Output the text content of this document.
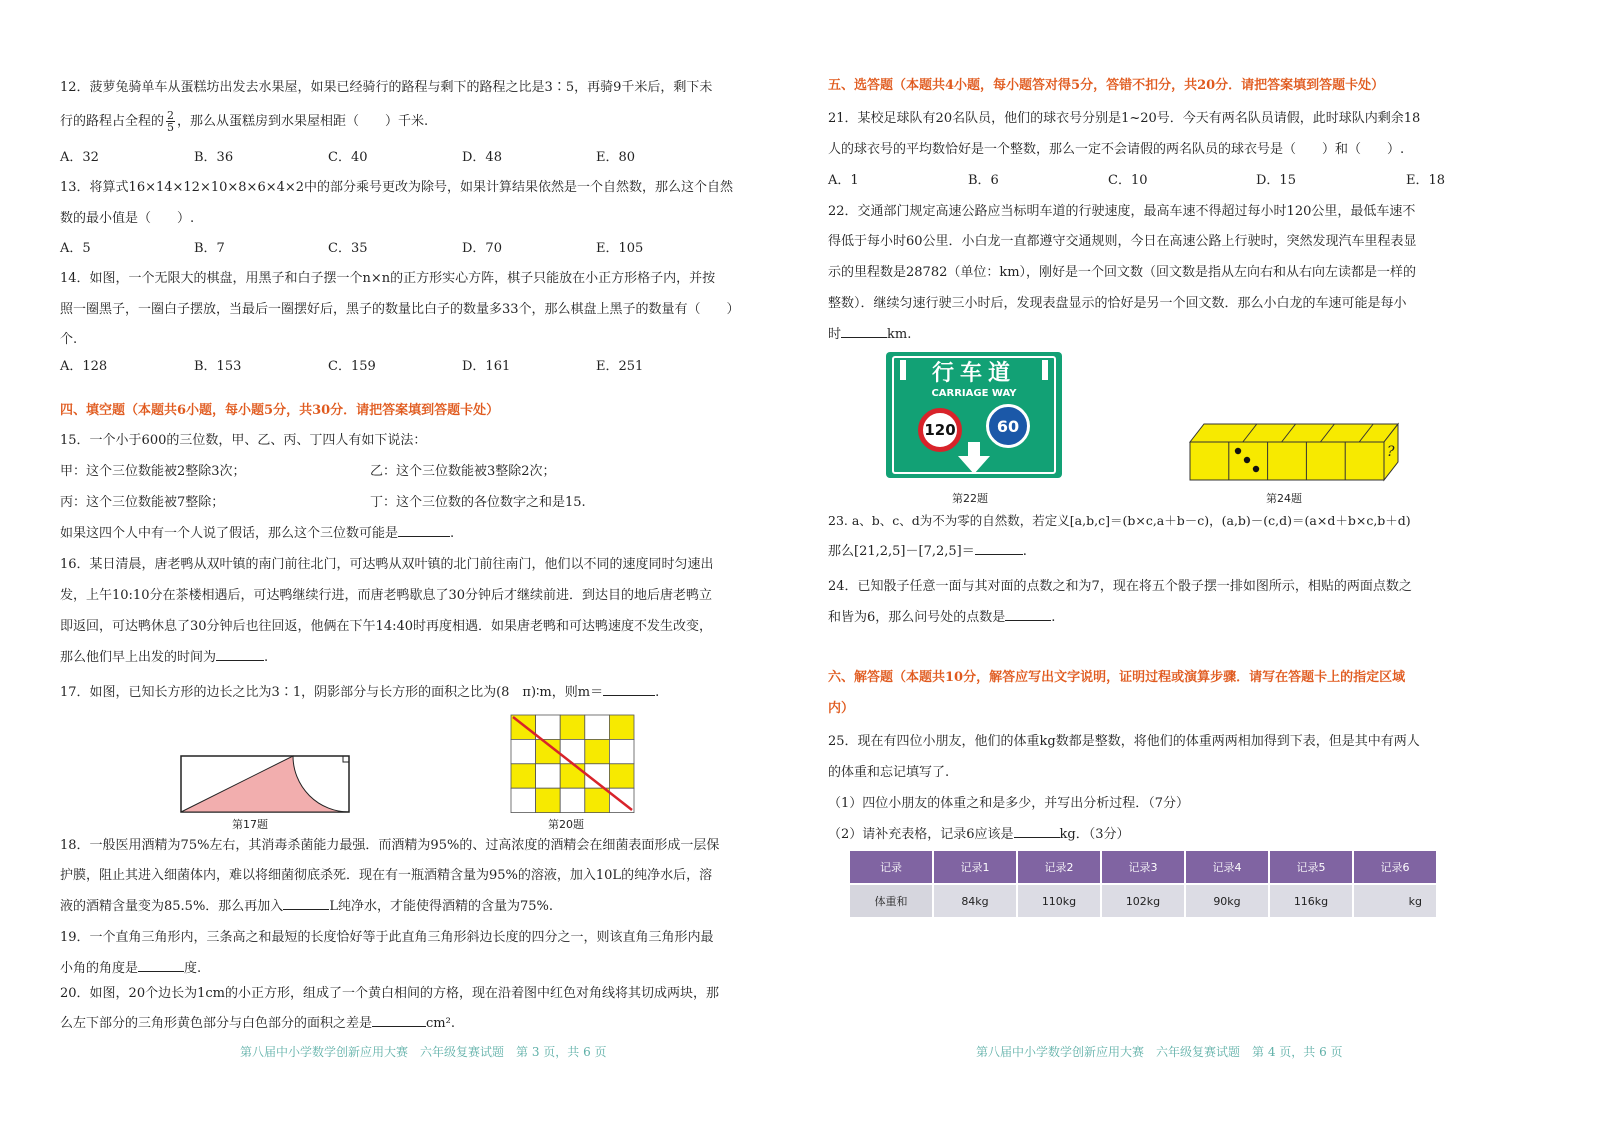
12．菠萝兔骑单车从蛋糕坊出发去水果屋，如果已经骑行的路程与剩下的路程之比是3∶5，再骑9千米后，剩下未
行的路程占全程的 $\frac{2}{5}$ ，那么从蛋糕房到水果屋相距（　　）千米.
A．32	B．36	C．40	D．48	E．80
13．将算式16×14×12×10×8×6×4×2中的部分乘号更改为除号，如果计算结果依然是一个自然数，那么这个自然
数的最小值是（　　）.
A．5	B．7	C．35	D．70	E．105
14．如图，一个无限大的棋盘，用黑子和白子摆一个n×n的正方形实心方阵，棋子只能放在小正方形格子内，并按
照一圈黑子，一圈白子摆放，当最后一圈摆好后，黑子的数量比白子的数量多33个，那么棋盘上黑子的数量有（　　）
个.
A．128	B．153	C．159	D．161	E．251
四、填空题（本题共6小题，每小题5分，共30分．请把答案填到答题卡处）
15．一个小于600的三位数，甲、乙、丙、丁四人有如下说法：
甲：这个三位数能被2整除3次；	乙：这个三位数能被3整除2次；
丙：这个三位数能被7整除；	丁：这个三位数的各位数字之和是15.
如果这四个人中有一个人说了假话，那么这个三位数可能是	.
16．某日清晨，唐老鸭从双叶镇的南门前往北门，可达鸭从双叶镇的北门前往南门，他们以不同的速度同时匀速出
发，上午10:10分在茶楼相遇后，可达鸭继续行进，而唐老鸭歇息了30分钟后才继续前进．到达目的地后唐老鸭立
即返回，可达鸭休息了30分钟后也往回返，他俩在下午14:40时再度相遇．如果唐老鸭和可达鸭速度不发生改变，
那么他们早上出发的时间为	.
17．如图，已知长方形的边长之比为3∶1，阴影部分与长方形的面积之比为(8　π)∶m，则m＝	.
第17题	第20题
18．一般医用酒精为75%左右，其消毒杀菌能力最强．而酒精为95%的、过高浓度的酒精会在细菌表面形成一层保
护膜，阻止其进入细菌体内，难以将细菌彻底杀死．现在有一瓶酒精含量为95%的溶液，加入10L的纯净水后，溶
液的酒精含量变为85.5%．那么再加入	L纯净水，才能使得酒精的含量为75%.
19．一个直角三角形内，三条高之和最短的长度恰好等于此直角三角形斜边长度的四分之一，则该直角三角形内最
小角的角度是	度.
20．如图，20个边长为1cm的小正方形，组成了一个黄白相间的方格，现在沿着图中红色对角线将其切成两块，那
么左下部分的三角形黄色部分与白色部分的面积之差是	cm².
第八届中小学数学创新应用大赛　六年级复赛试题　第 3 页，共 6 页
五、选答题（本题共4小题，每小题答对得5分，答错不扣分，共20分．请把答案填到答题卡处）
21．某校足球队有20名队员，他们的球衣号分别是1~20号．今天有两名队员请假，此时球队内剩余18
人的球衣号的平均数恰好是一个整数，那么一定不会请假的两名队员的球衣号是（　　）和（　　）.
A．1	B．6	C．10	D．15	E．18
22．交通部门规定高速公路应当标明车道的行驶速度，最高车速不得超过每小时120公里，最低车速不
得低于每小时60公里．小白龙一直都遵守交通规则，今日在高速公路上行驶时，突然发现汽车里程表显
示的里程数是28782（单位：km），刚好是一个回文数（回文数是指从左向右和从右向左读都是一样的
整数）．继续匀速行驶三小时后，发现表盘显示的恰好是另一个回文数．那么小白龙的车速可能是每小
时	km.
行车道
CARRIAGE WAY
120	60
第22题
?
第24题
23. a、b、c、d为不为零的自然数，若定义[a,b,c]＝(b×c,a＋b－c)，(a,b)－(c,d)＝(a×d＋b×c,b＋d)
那么[21,2,5]－[7,2,5]＝	.
24．已知骰子任意一面与其对面的点数之和为7，现在将五个骰子摆一排如图所示，相贴的两面点数之
和皆为6，那么问号处的点数是	.
六、解答题（本题共10分，解答应写出文字说明，证明过程或演算步骤．请写在答题卡上的指定区域
内）
25．现在有四位小朋友，他们的体重kg数都是整数，将他们的体重两两相加得到下表，但是其中有两人
的体重和忘记填写了.
（1）四位小朋友的体重之和是多少，并写出分析过程．（7分）
（2）请补充表格，记录6应该是	kg．（3分）
记录	记录1	记录2	记录3	记录4	记录5	记录6
体重和	84kg	110kg	102kg	90kg	116kg	kg
第八届中小学数学创新应用大赛　六年级复赛试题　第 4 页，共 6 页
